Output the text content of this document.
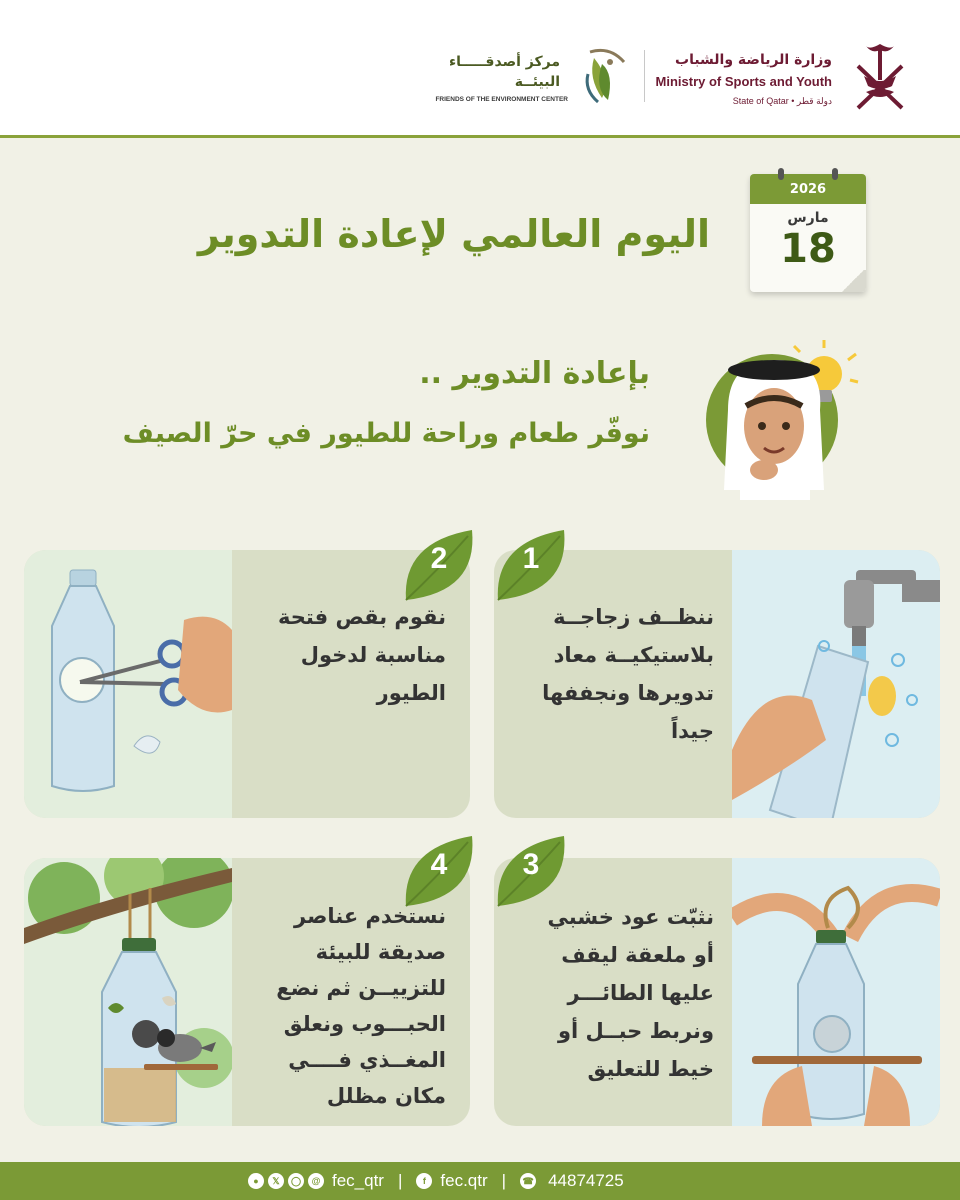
وزارة الرياضة والشباب
Ministry of Sports and Youth
State of Qatar • دولة قطر
مركز أصدقـــــاء
البيئــة
FRIENDS OF THE ENVIRONMENT CENTER
2026
مارس
18
اليوم العالمي لإعادة التدوير
بإعادة التدوير ..
نوفّر طعام وراحة للطيور في حرّ الصيف
ننظــف زجاجــة
بلاستيكيــة معاد
تدويرها ونجففها
جيداً
نقوم بقص فتحة
مناسبة لدخول
الطيور
نثبّت عود خشبي
أو ملعقة ليقف
عليها الطائـــر
ونربط حبــل أو
خيط للتعليق
نستخدم عناصر
صديقة للبيئة
للتزييــن ثم نضع
الحبـــوب ونعلق
المغــذي فــــي
مكان مظلل
1
2
3
4
●	𝕏	◯	@ fec_qtr |	f fec.qtr | ☎ 44874725
